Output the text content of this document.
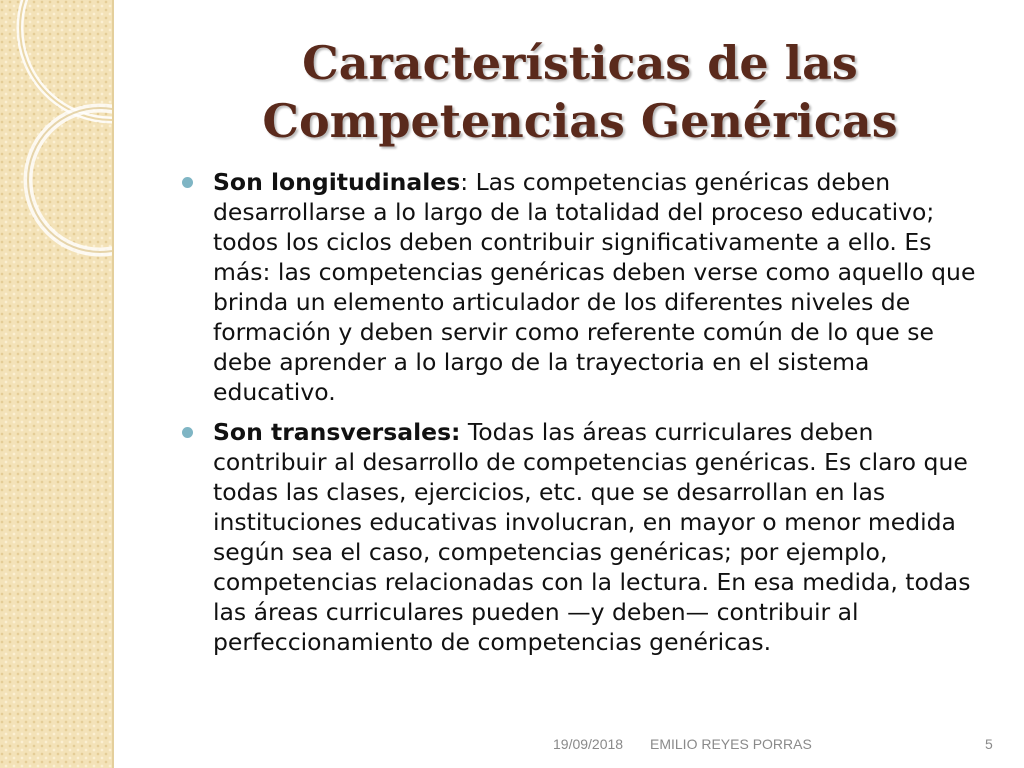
Características de las
Competencias Genéricas
Son longitudinales: Las competencias genéricas deben desarrollarse a lo largo de la totalidad del proceso educativo; todos los ciclos deben contribuir significativamente a ello. Es más: las competencias genéricas deben verse como aquello que brinda un elemento articulador de los diferentes niveles de formación y deben servir como referente común de lo que se debe aprender a lo largo de la trayectoria en el sistema educativo.
Son transversales: Todas las áreas curriculares deben contribuir al desarrollo de competencias genéricas. Es claro que todas las clases, ejercicios, etc. que se desarrollan en las instituciones educativas involucran, en mayor o menor medida según sea el caso, competencias genéricas; por ejemplo, competencias relacionadas con la lectura. En esa medida, todas las áreas curriculares pueden —y deben— contribuir al perfeccionamiento de competencias genéricas.
19/09/2018 EMILIO REYES PORRAS	5
